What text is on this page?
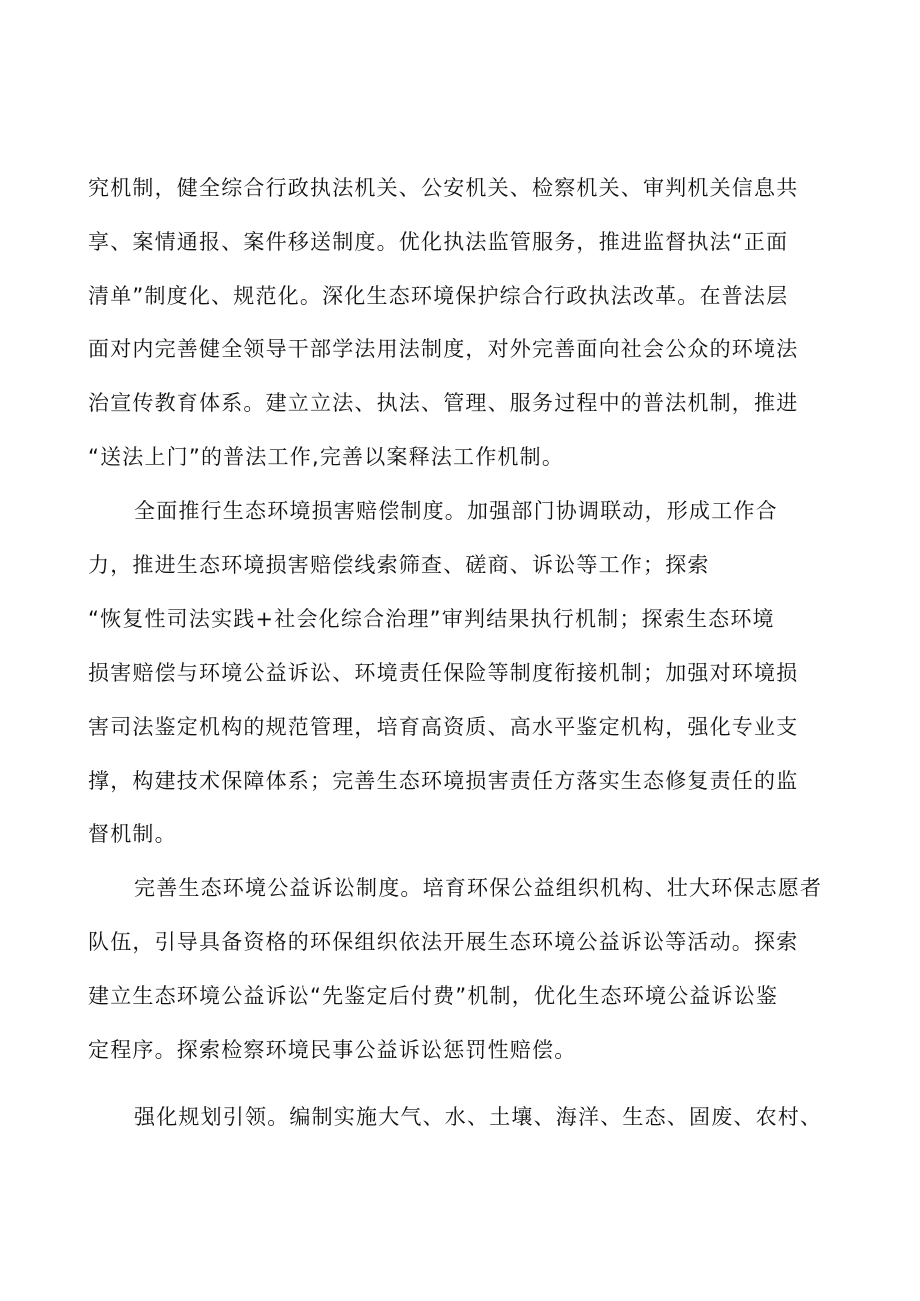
究机制，健全综合行政执法机关、公安机关、检察机关、审判机关信息共
享、案情通报、案件移送制度。优化执法监管服务，推进监督执法“正面
清单”制度化、规范化。深化生态环境保护综合行政执法改革。在普法层
面对内完善健全领导干部学法用法制度，对外完善面向社会公众的环境法
治宣传教育体系。建立立法、执法、管理、服务过程中的普法机制，推进
“送法上门”的普法工作,完善以案释法工作机制。
全面推行生态环境损害赔偿制度。加强部门协调联动，形成工作合
力，推进生态环境损害赔偿线索筛查、磋商、诉讼等工作；探索
“恢复性司法实践+社会化综合治理”审判结果执行机制；探索生态环境
损害赔偿与环境公益诉讼、环境责任保险等制度衔接机制；加强对环境损
害司法鉴定机构的规范管理，培育高资质、高水平鉴定机构，强化专业支
撑，构建技术保障体系；完善生态环境损害责任方落实生态修复责任的监
督机制。
完善生态环境公益诉讼制度。培育环保公益组织机构、壮大环保志愿者
队伍，引导具备资格的环保组织依法开展生态环境公益诉讼等活动。探索
建立生态环境公益诉讼“先鉴定后付费”机制，优化生态环境公益诉讼鉴
定程序。探索检察环境民事公益诉讼惩罚性赔偿。
强化规划引领。编制实施大气、水、土壤、海洋、生态、固废、农村、
